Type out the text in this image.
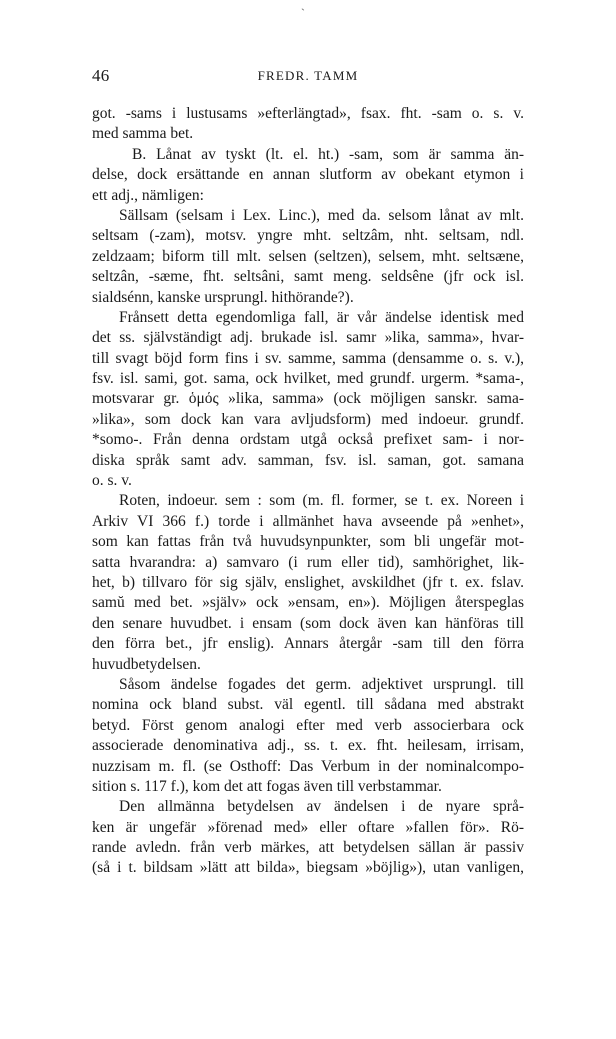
`
46	FREDR. TAMM

got. -sams i lustusams »efterlängtad», fsax. fht. -sam o. s. v.
med samma bet.

B. Lånat av tyskt (lt. el. ht.) -sam, som är samma än-
delse, dock ersättande en annan slutform av obekant etymon i
ett adj., nämligen:

Sällsam (selsam i Lex. Linc.), med da. selsom lånat av mlt.
seltsam (-zam), motsv. yngre mht. seltzâm, nht. seltsam, ndl.
zeldzaam; biform till mlt. selsen (seltzen), selsem, mht. seltsæne,
seltzân, -sæme, fht. seltsâni, samt meng. seldsêne (jfr ock isl.
sialdsénn, kanske ursprungl. hithörande?).

Frånsett detta egendomliga fall, är vår ändelse identisk med
det ss. självständigt adj. brukade isl. samr »lika, samma», hvar-
till svagt böjd form fins i sv. samme, samma (densamme o. s. v.),
fsv. isl. sami, got. sama, ock hvilket, med grundf. urgerm. *sama-,
motsvarar gr. ὁμός »lika, samma» (ock möjligen sanskr. sama-
»lika», som dock kan vara avljudsform) med indoeur. grundf.
*somo-. Från denna ordstam utgå också prefixet sam- i nor-
diska språk samt adv. samman, fsv. isl. saman, got. samana
o. s. v.

Roten, indoeur. sem : som (m. fl. former, se t. ex. Noreen i
Arkiv VI 366 f.) torde i allmänhet hava avseende på »enhet»,
som kan fattas från två huvudsynpunkter, som bli ungefär mot-
satta hvarandra: a) samvaro (i rum eller tid), samhörighet, lik-
het, b) tillvaro för sig själv, enslighet, avskildhet (jfr t. ex. fslav.
samŭ med bet. »själv» ock »ensam, en»). Möjligen återspeglas
den senare huvudbet. i ensam (som dock även kan hänföras till
den förra bet., jfr enslig). Annars återgår -sam till den förra
huvudbetydelsen.

Såsom ändelse fogades det germ. adjektivet ursprungl. till
nomina ock bland subst. väl egentl. till sådana med abstrakt
betyd. Först genom analogi efter med verb associerbara ock
associerade denominativa adj., ss. t. ex. fht. heilesam, irrisam,
nuzzisam m. fl. (se Osthoff: Das Verbum in der nominalcompo-
sition s. 117 f.), kom det att fogas även till verbstammar.

Den allmänna betydelsen av ändelsen i de nyare språ-
ken är ungefär »förenad med» eller oftare »fallen för». Rö-
rande avledn. från verb märkes, att betydelsen sällan är passiv
(så i t. bildsam »lätt att bilda», biegsam »böjlig»), utan vanligen,
